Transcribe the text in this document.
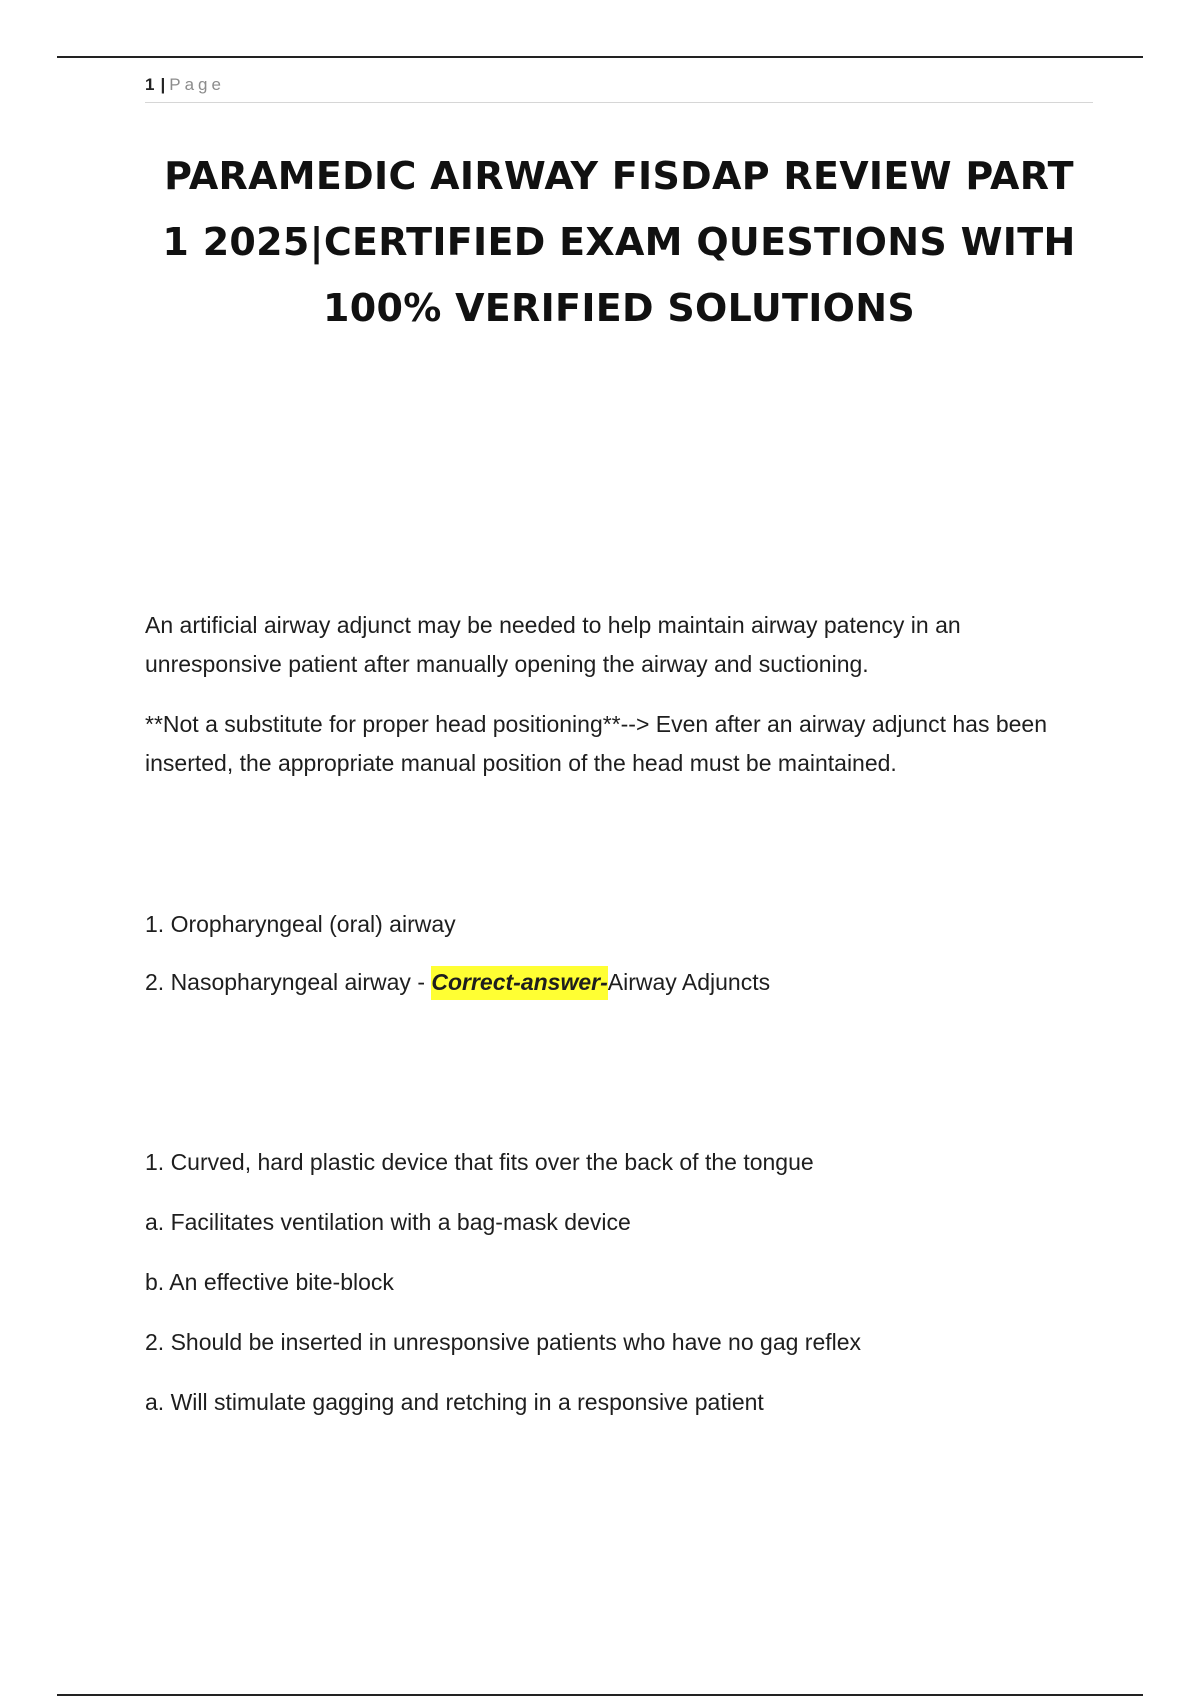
1 | Page
PARAMEDIC AIRWAY FISDAP REVIEW PART 1 2025|CERTIFIED EXAM QUESTIONS WITH 100% VERIFIED SOLUTIONS

An artificial airway adjunct may be needed to help maintain airway patency in an unresponsive patient after manually opening the airway and suctioning.

**Not a substitute for proper head positioning**--> Even after an airway adjunct has been inserted, the appropriate manual position of the head must be maintained.

1. Oropharyngeal (oral) airway

2. Nasopharyngeal airway - Correct-answer-Airway Adjuncts

1. Curved, hard plastic device that fits over the back of the tongue

a. Facilitates ventilation with a bag-mask device

b. An effective bite-block

2. Should be inserted in unresponsive patients who have no gag reflex

a. Will stimulate gagging and retching in a responsive patient
